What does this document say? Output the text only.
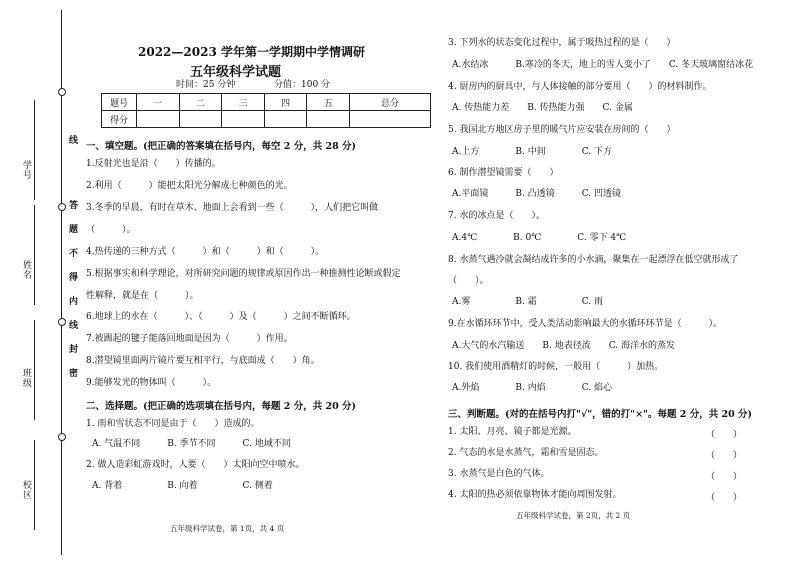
校区
班级
姓名
学号
线
答
题
不
得
内
线
封
密
2022—2023 学年第一学期期中学情调研
五年级科学试题
时间：25 分钟	分值：100 分
题号	一	二	三	四	五	总分
得分						
一、填空题。(把正确的答案填在括号内，每空 2 分，共 28 分)
1.反射光也是沿（　　）传播的。
2.利用（　　　）能把太阳光分解成七种颜色的光。
3.冬季的早晨，有时在草木、地面上会看到一些（　　　），人们把它叫做
（　　　）。
4.热传递的三种方式（　　　）和（　　　）和（　　　）。
5.根据事实和科学理论，对所研究问题的规律或原因作出一种推测性论断或假定
性解释，就是在（　　　）。
6.地球上的水在（　　　）、（　　　）及（　　　）之间不断循环。
7.被踢起的毽子能落回地面是因为（　　　）作用。
8.潜望镜里面两片镜片要互相平行，与底面成（　　）角。
9.能够发光的物体叫（　　　）。
二、选择题。(把正确的选项填在括号内，每题 2 分，共 20 分)
1. 雨和雪状态不同是由于（　　）造成的。
A. 气温不同　　　B. 季节不同　　　C. 地域不同
2. 做人造彩虹游戏时，人要（　　）太阳向空中喷水。
A. 背着　　　　　B. 向着　　　　　C. 侧着
五年级科学试卷，第 1页，共 4 页
3. 下列水的状态变化过程中，属于吸热过程的是（　　）
A.水结冰　　　B.寒冷的冬天，地上的雪人变小了　　C. 冬天玻璃窗结冰花
4. 厨房内的厨具中，与人体接触的部分要用（　　）的材料制作。
A. 传热能力差　　B. 传热能力强　　C. 金属
5. 我国北方地区房子里的暖气片应安装在房间的（　　）
A.上方　　　　B. 中间　　　　C. 下方
6. 制作潜望镜需要（　　）
A.平面镜　　　B. 凸透镜　　　C. 凹透镜
7. 水的冰点是（　　）。
A.4℃　　　　B. 0℃　　　　C. 零下 4℃
8. 水蒸气遇冷就会凝结成许多的小水滴，聚集在一起漂浮在低空就形成了
（　　）。
A.雾　　　　　B. 霜　　　　　C. 雨
9.在水循环环节中，受人类活动影响最大的水循环环节是（　　　）。
A.大气的水汽输送　　B. 地表径流　　C. 海洋水的蒸发
10. 我们使用酒精灯的时候，一般用（　　　）加热。
A.外焰　　　　B. 内焰　　　　C. 焰心
三、判断题。(对的在括号内打"√"，错的打"×"。每题 2 分，共 20 分)
1. 太阳、月亮、镜子都是光源。	（　　）
2. 气态的水是水蒸气，霜和雪是固态。	（　　）
3. 水蒸气是白色的气体。	（　　）
4. 太阳的热必须依靠物体才能向周围发射。	（　　）
五年级科学试卷，第 2页，共 2 页
